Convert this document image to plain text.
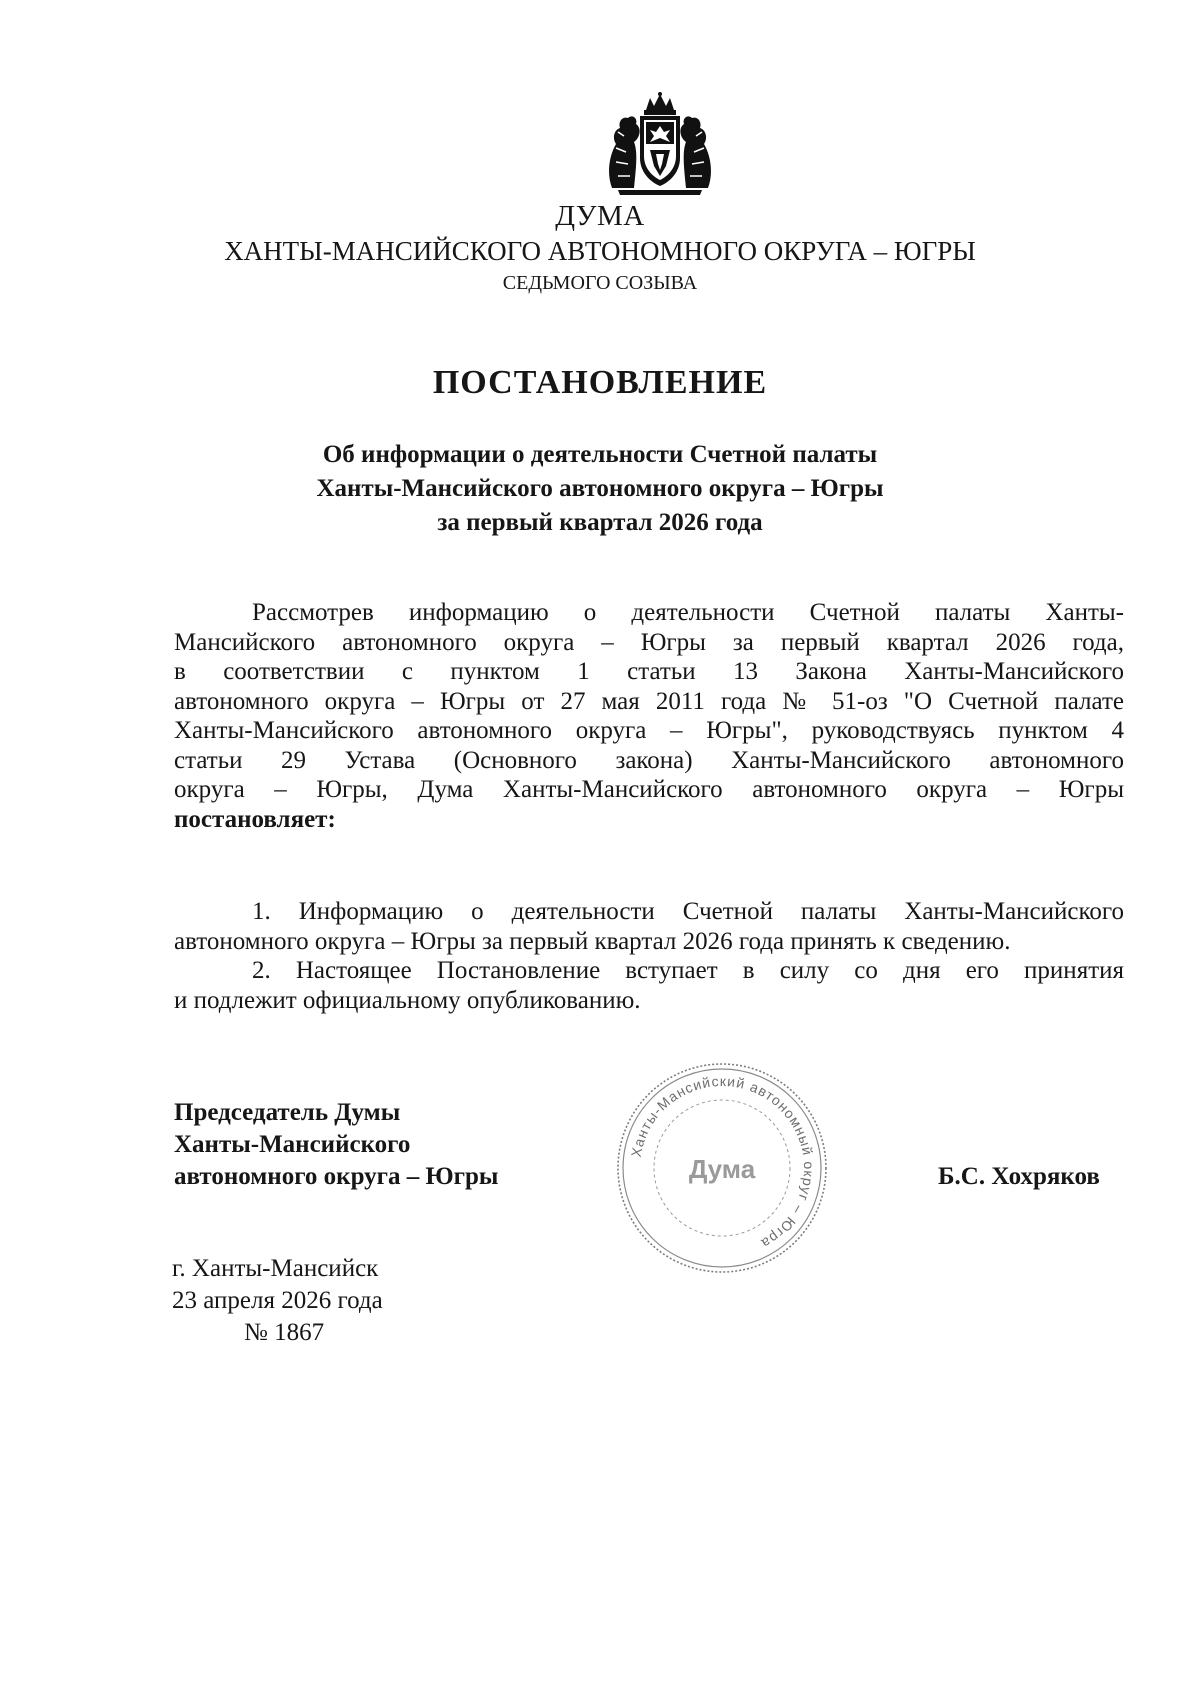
ДУМА
ХАНТЫ-МАНСИЙСКОГО АВТОНОМНОГО ОКРУГА – ЮГРЫ
СЕДЬМОГО СОЗЫВА
ПОСТАНОВЛЕНИЕ
Об информации о деятельности Счетной палаты
Ханты-Мансийского автономного округа – Югры
за первый квартал 2026 года
Рассмотрев информацию о деятельности Счетной палаты Ханты-
Мансийского автономного округа – Югры за первый квартал 2026 года,
в соответствии с пунктом 1 статьи 13 Закона Ханты-Мансийского
автономного округа – Югры от 27 мая 2011 года № 51-оз "О Счетной палате
Ханты-Мансийского автономного округа – Югры", руководствуясь пунктом 4
статьи 29 Устава (Основного закона) Ханты-Мансийского автономного
округа – Югры, Дума Ханты-Мансийского автономного округа – Югры
постановляет:
1. Информацию о деятельности Счетной палаты Ханты-Мансийского
автономного округа – Югры за первый квартал 2026 года принять к сведению.
2. Настоящее Постановление вступает в силу со дня его принятия
и подлежит официальному опубликованию.
Председатель Думы
Ханты-Мансийского
автономного округа – Югры
Ханты-Мансийский автономный округ – Югра
Дума	Б.С. Хохряков
г. Ханты-Мансийск
23 апреля 2026 года
№ 1867
